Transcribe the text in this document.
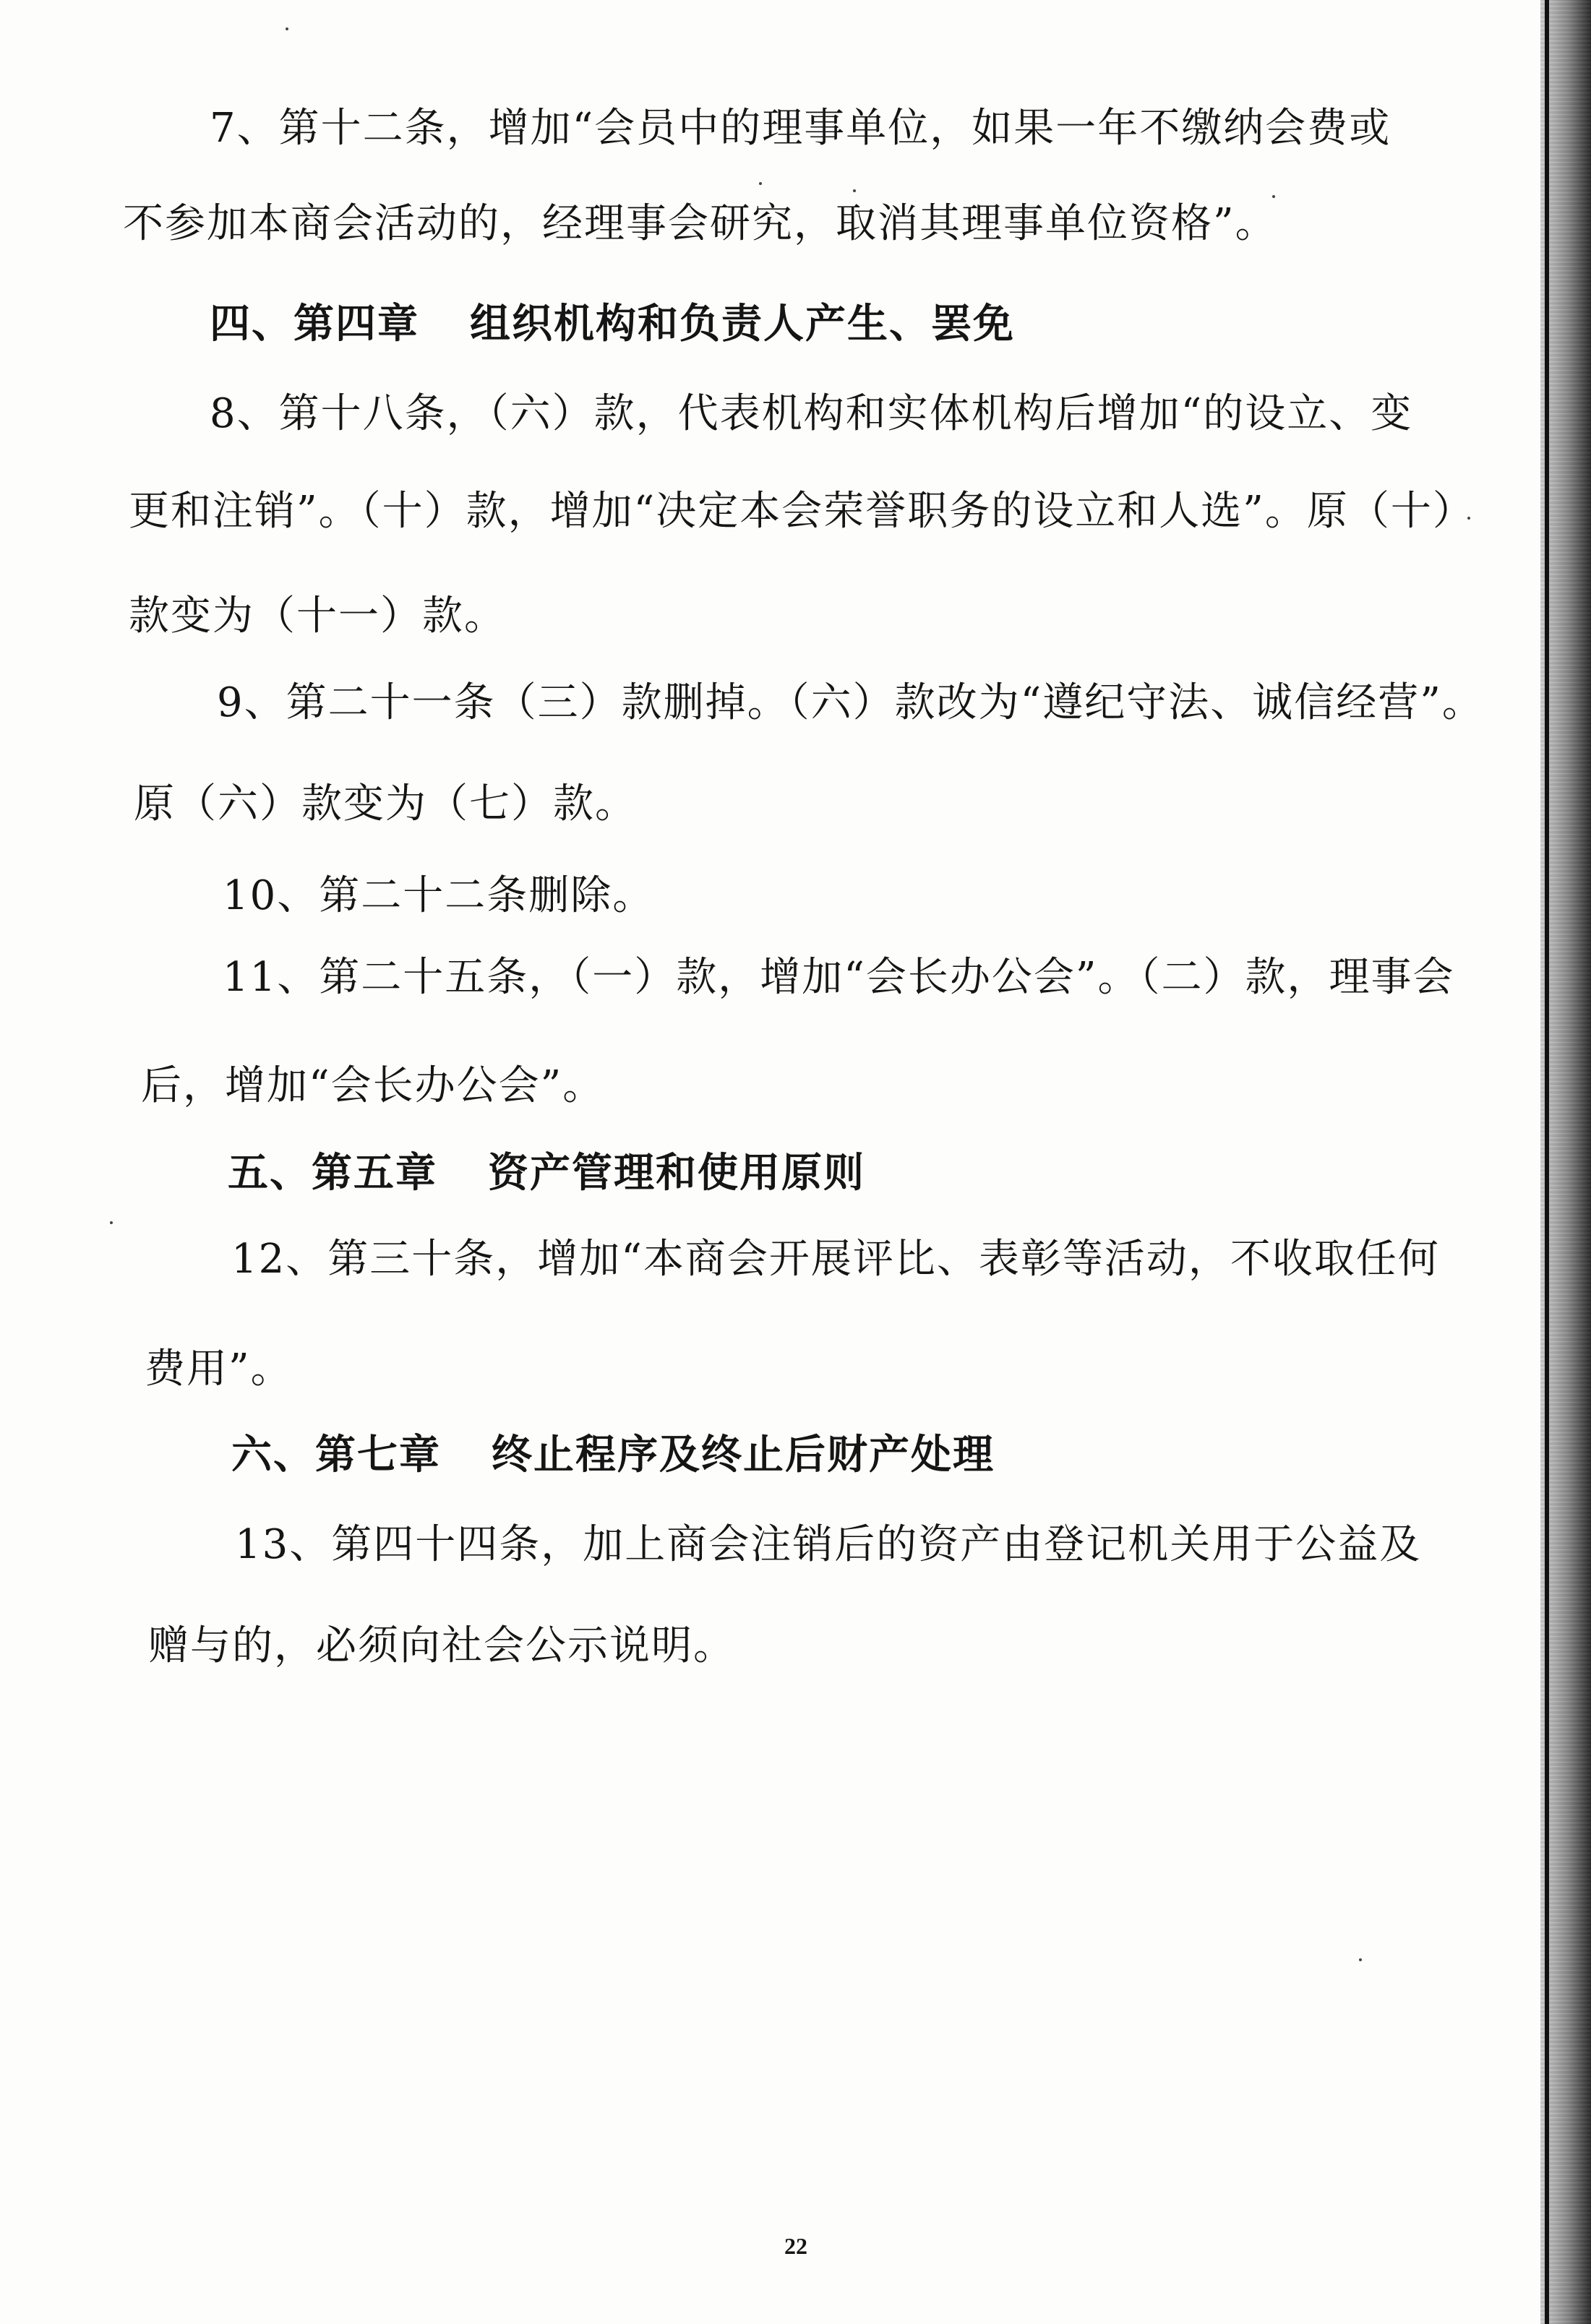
7、第十二条，增加“会员中的理事单位，如果一年不缴纳会费或
不参加本商会活动的，经理事会研究，取消其理事单位资格”。
四、第四章 组织机构和负责人产生、罢免
8、第十八条，（六）款，代表机构和实体机构后增加“的设立、变
更和注销”。（十）款，增加“决定本会荣誉职务的设立和人选”。原（十）
款变为（十一）款。
9、第二十一条（三）款删掉。（六）款改为“遵纪守法、诚信经营”。
原（六）款变为（七）款。
10、第二十二条删除。
11、第二十五条，（一）款，增加“会长办公会”。（二）款，理事会
后，增加“会长办公会”。
五、第五章 资产管理和使用原则
12、第三十条，增加“本商会开展评比、表彰等活动，不收取任何
费用”。
六、第七章 终止程序及终止后财产处理
13、第四十四条，加上商会注销后的资产由登记机关用于公益及
赠与的，必须向社会公示说明。
22
